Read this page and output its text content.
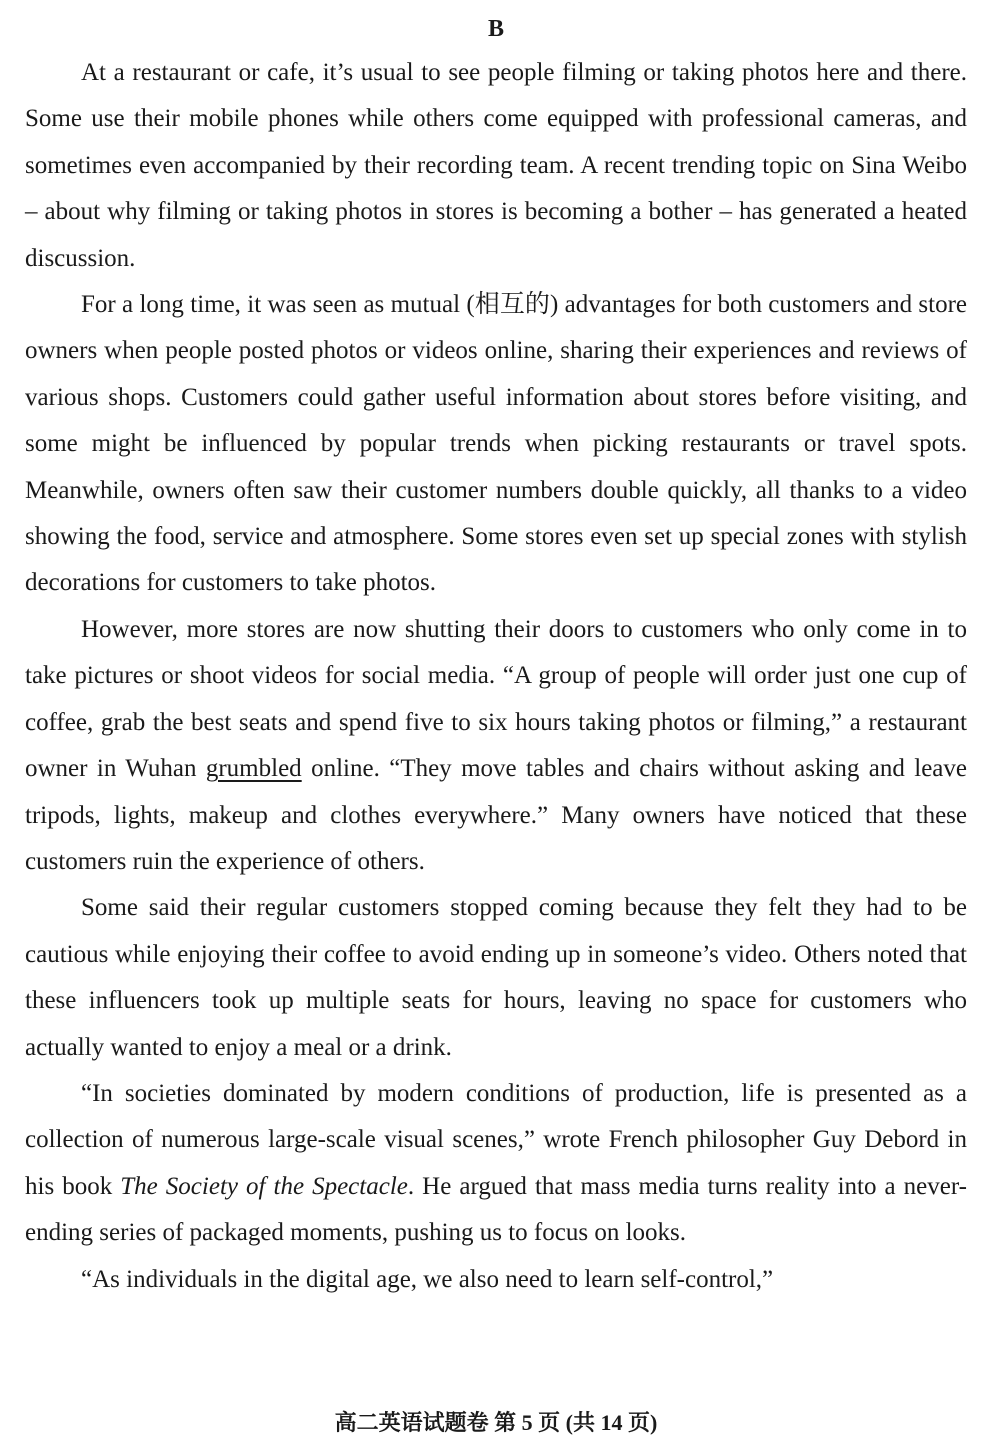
B

At a restaurant or cafe, it’s usual to see people filming or taking photos here and there. Some use their mobile phones while others come equipped with professional cameras, and sometimes even accompanied by their recording team. A recent trending topic on Sina Weibo – about why filming or taking photos in stores is becoming a bother – has generated a heated discussion.

For a long time, it was seen as mutual (相互的) advantages for both customers and store owners when people posted photos or videos online, sharing their experiences and reviews of various shops. Customers could gather useful information about stores before visiting, and some might be influenced by popular trends when picking restaurants or travel spots. Meanwhile, owners often saw their customer numbers double quickly, all thanks to a video showing the food, service and atmosphere. Some stores even set up special zones with stylish decorations for customers to take photos.

However, more stores are now shutting their doors to customers who only come in to take pictures or shoot videos for social media. “A group of people will order just one cup of coffee, grab the best seats and spend five to six hours taking photos or filming,” a restaurant owner in Wuhan grumbled online. “They move tables and chairs without asking and leave tripods, lights, makeup and clothes everywhere.” Many owners have noticed that these customers ruin the experience of others.

Some said their regular customers stopped coming because they felt they had to be cautious while enjoying their coffee to avoid ending up in someone’s video. Others noted that these influencers took up multiple seats for hours, leaving no space for customers who actually wanted to enjoy a meal or a drink.

“In societies dominated by modern conditions of production, life is presented as a collection of numerous large-scale visual scenes,” wrote French philosopher Guy Debord in his book The Society of the Spectacle. He argued that mass media turns reality into a never-ending series of packaged moments, pushing us to focus on looks.

“As individuals in the digital age, we also need to learn self-control,”

高二英语试题卷 第 5 页 (共 14 页)
